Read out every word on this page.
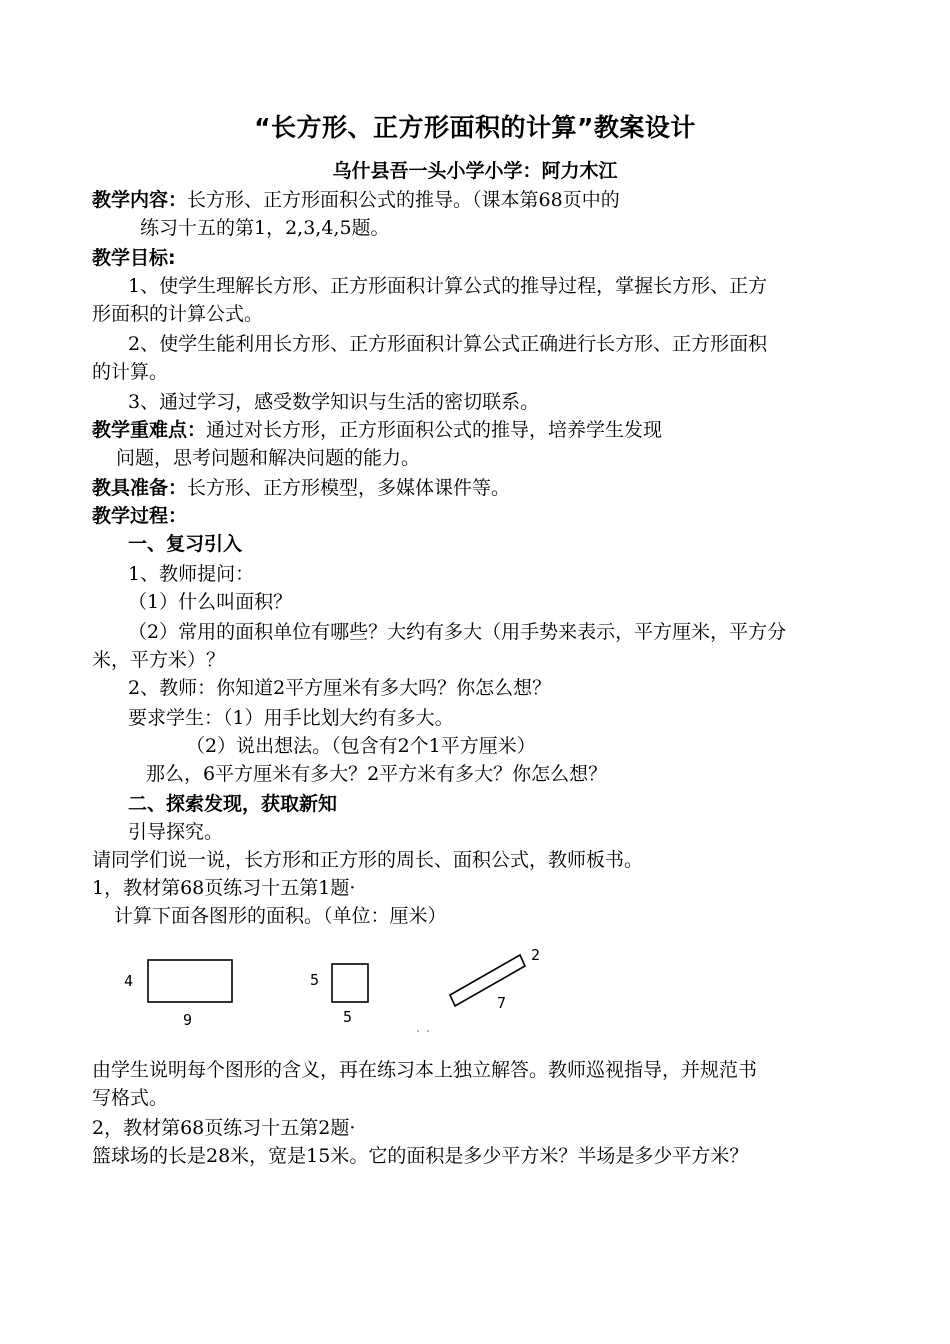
“长方形、正方形面积的计算”教案设计
乌什县吾一头小学小学：阿力木江
教学内容：长方形、正方形面积公式的推导。（课本第68页中的
练习十五的第1，2,3,4,5题。
教学目标:
1、使学生理解长方形、正方形面积计算公式的推导过程，掌握长方形、正方
形面积的计算公式。
2、使学生能利用长方形、正方形面积计算公式正确进行长方形、正方形面积
的计算。
3、通过学习，感受数学知识与生活的密切联系。
教学重难点：通过对长方形，正方形面积公式的推导，培养学生发现
问题，思考问题和解决问题的能力。
教具准备：长方形、正方形模型，多媒体课件等。
教学过程：
一、复习引入
1、教师提问：
（1）什么叫面积？
（2）常用的面积单位有哪些？大约有多大（用手势来表示，平方厘米，平方分
米，平方米）？
2、教师：你知道2平方厘米有多大吗？你怎么想？
要求学生：（1）用手比划大约有多大。
（2）说出想法。（包含有2个1平方厘米）
那么，6平方厘米有多大？2平方米有多大？你怎么想？
二、探索发现，获取新知
引导探究。
请同学们说一说，长方形和正方形的周长、面积公式，教师板书。
1，教材第68页练习十五第1题·
计算下面各图形的面积。（单位：厘米）
4
9
5
5
2
7
由学生说明每个图形的含义，再在练习本上独立解答。教师巡视指导，并规范书
写格式。
2，教材第68页练习十五第2题·
篮球场的长是28米，宽是15米。它的面积是多少平方米？半场是多少平方米？
